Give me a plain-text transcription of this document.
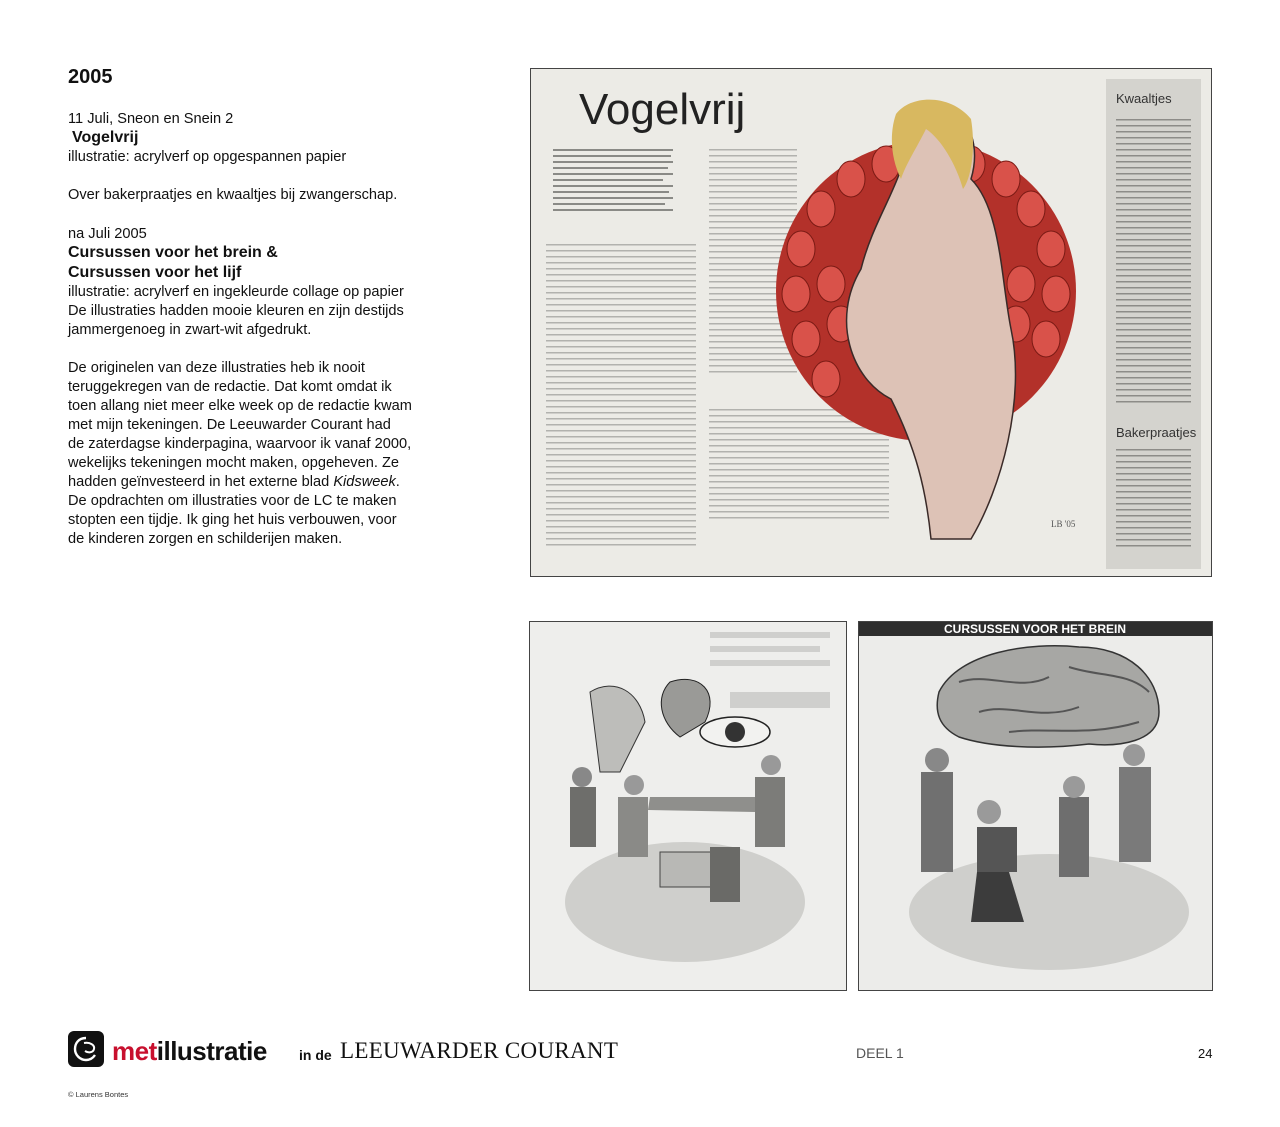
2005
11 Juli, Sneon en Snein 2
Vogelvrij
illustratie: acrylverf op opgespannen papier
Over bakerpraatjes en kwaaltjes bij zwangerschap.
na Juli 2005
Cursussen voor het brein &
Cursussen voor het lijf
illustratie: acrylverf en ingekleurde collage op papier
De illustraties hadden mooie kleuren en zijn destijds
jammergenoeg in zwart-wit afgedrukt.
De originelen van deze illustraties heb ik nooit
teruggekregen van de redactie. Dat komt omdat ik
toen allang niet meer elke week op de redactie kwam
met mijn tekeningen. De Leeuwarder Courant had
de zaterdagse kinderpagina, waarvoor ik vanaf 2000,
wekelijks tekeningen mocht maken, opgeheven. Ze
hadden geïnvesteerd in het externe blad Kidsweek.
De opdrachten om illustraties voor de LC te maken
stopten een tijdje. Ik ging het huis verbouwen, voor
de kinderen zorgen en schilderijen maken.
Kwaaltjes
Bakerpraatjes
Vogelvrij
LB '05
CURSUSSEN VOOR HET BREIN
metillustratie in de LEEUWARDER COURANT	DEEL 1	24
© Laurens Bontes
